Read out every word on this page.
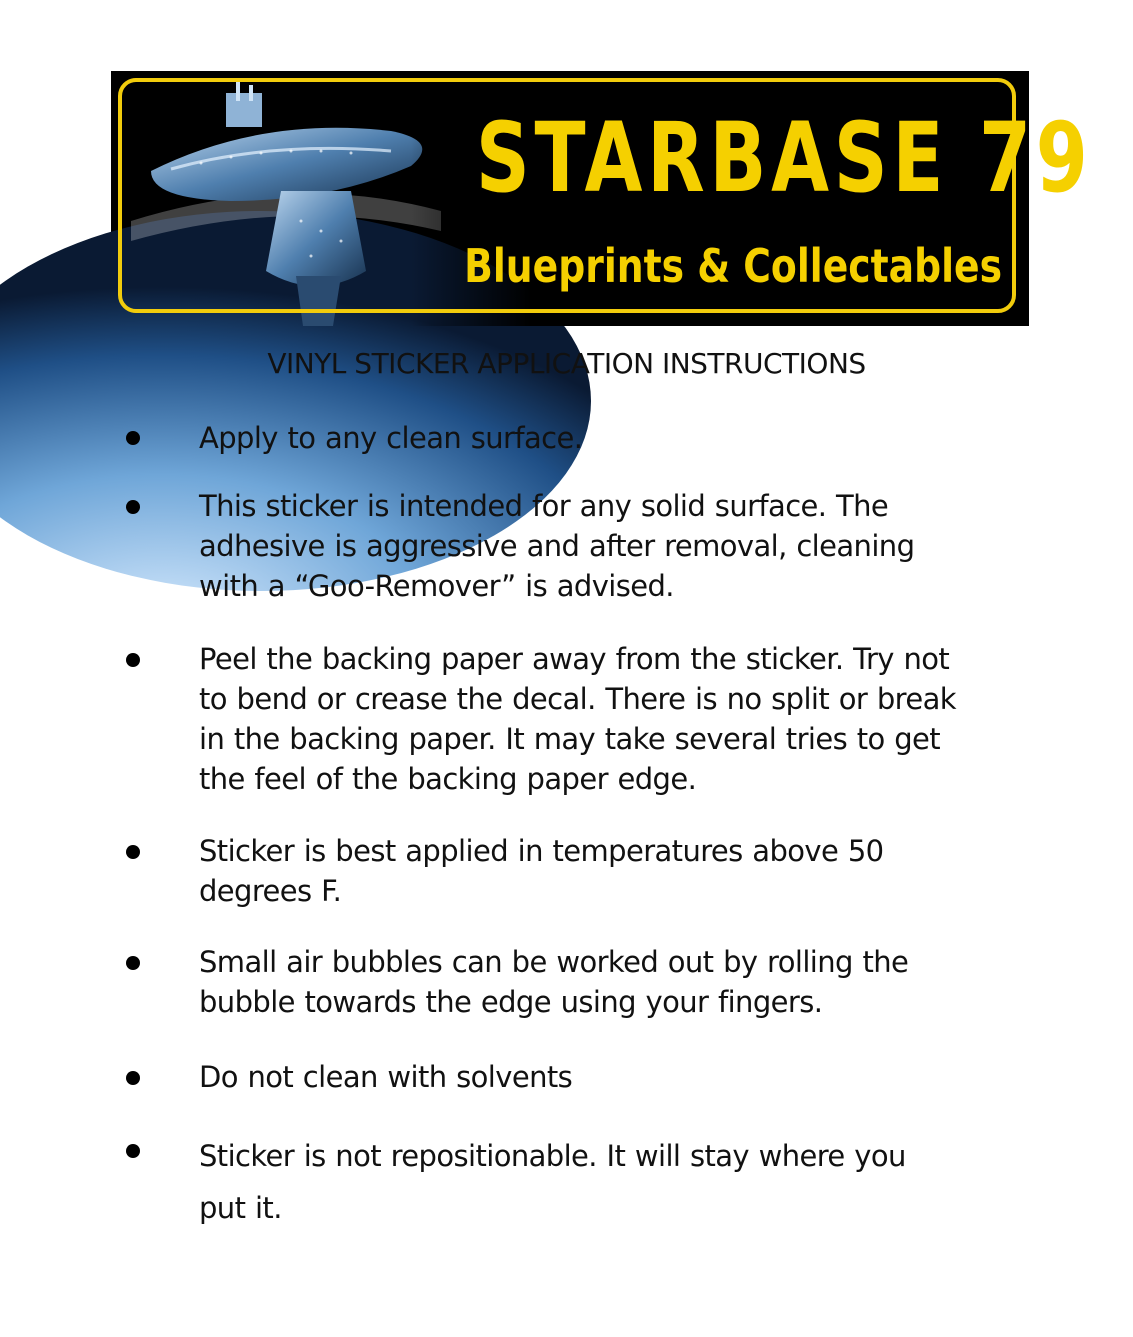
STARBASE 79
Blueprints & Collectables
VINYL STICKER APPLICATION INSTRUCTIONS
Apply to any clean surface.
This sticker is intended for any solid surface. The
adhesive is aggressive and after removal, cleaning
with a “Goo-Remover” is advised.
Peel the backing paper away from the sticker. Try not
to bend or crease the decal. There is no split or break
in the backing paper. It may take several tries to get
the feel of the backing paper edge.
Sticker is best applied in temperatures above 50
degrees F.
Small air bubbles can be worked out by rolling the
bubble towards the edge using your fingers.
Do not clean with solvents
Sticker is not repositionable. It will stay where you
put it.
